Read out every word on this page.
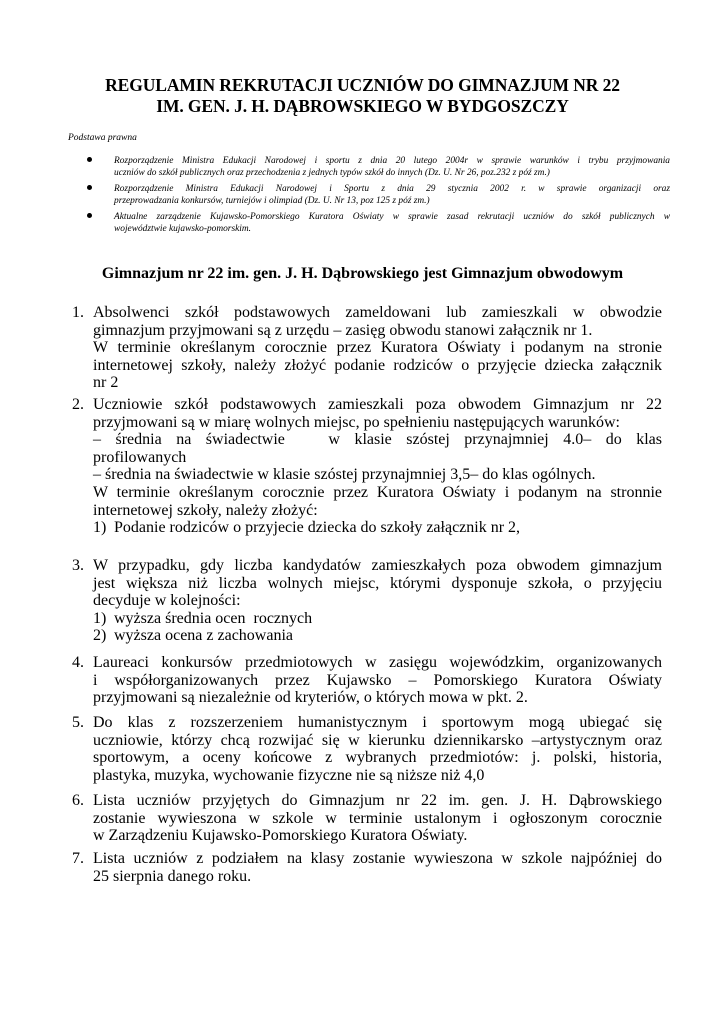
REGULAMIN REKRUTACJI UCZNIÓW DO GIMNAZJUM NR 22
IM. GEN. J. H. DĄBROWSKIEGO W BYDGOSZCZY
Podstawa prawna
Rozporządzenie Ministra Edukacji Narodowej i sportu z dnia 20 lutego 2004r w sprawie warunków i trybu przyjmowania
uczniów do szkół publicznych oraz przechodzenia z jednych typów szkół do innych (Dz. U. Nr 26, poz.232 z póź zm.)
Rozporządzenie Ministra Edukacji Narodowej i Sportu z dnia 29 stycznia 2002 r. w sprawie organizacji oraz
przeprowadzania konkursów, turniejów i olimpiad (Dz. U. Nr 13, poz 125 z póź zm.)
Aktualne zarządzenie Kujawsko-Pomorskiego Kuratora Oświaty w sprawie zasad rekrutacji uczniów do szkół publicznych w
województwie kujawsko-pomorskim.
Gimnazjum nr 22 im. gen. J. H. Dąbrowskiego jest Gimnazjum obwodowym
1. Absolwenci szkół podstawowych zameldowani lub zamieszkali w obwodzie
gimnazjum przyjmowani są z urzędu – zasięg obwodu stanowi załącznik nr 1.
W terminie określanym corocznie przez Kuratora Oświaty i podanym na stronie
internetowej szkoły, należy złożyć podanie rodziców o przyjęcie dziecka załącznik
nr 2
2. Uczniowie szkół podstawowych zamieszkali poza obwodem Gimnazjum nr 22
przyjmowani są w miarę wolnych miejsc, po spełnieniu następujących warunków:
– średnia na świadectwie   w klasie szóstej przynajmniej 4.0– do klas
profilowanych
– średnia na świadectwie w klasie szóstej przynajmniej 3,5– do klas ogólnych.
W terminie określanym corocznie przez Kuratora Oświaty i podanym na stronnie
internetowej szkoły, należy złożyć:
1) Podanie rodziców o przyjecie dziecka do szkoły załącznik nr 2,
3. W przypadku, gdy liczba kandydatów zamieszkałych poza obwodem gimnazjum
jest większa niż liczba wolnych miejsc, którymi dysponuje szkoła, o przyjęciu
decyduje w kolejności:
1) wyższa średnia ocen  rocznych
2) wyższa ocena z zachowania
4. Laureaci konkursów przedmiotowych w zasięgu wojewódzkim, organizowanych
i współorganizowanych przez Kujawsko – Pomorskiego Kuratora Oświaty
przyjmowani są niezależnie od kryteriów, o których mowa w pkt. 2.
5. Do klas z rozszerzeniem humanistycznym i sportowym mogą ubiegać się
uczniowie, którzy chcą rozwijać się w kierunku dziennikarsko –artystycznym oraz
sportowym, a oceny końcowe z wybranych przedmiotów: j. polski, historia,
plastyka, muzyka, wychowanie fizyczne nie są niższe niż 4,0
6. Lista uczniów przyjętych do Gimnazjum nr 22 im. gen. J. H. Dąbrowskiego
zostanie wywieszona w szkole w terminie ustalonym i ogłoszonym corocznie
w Zarządzeniu Kujawsko-Pomorskiego Kuratora Oświaty.
7. Lista uczniów z podziałem na klasy zostanie wywieszona w szkole najpóźniej do
25 sierpnia danego roku.
